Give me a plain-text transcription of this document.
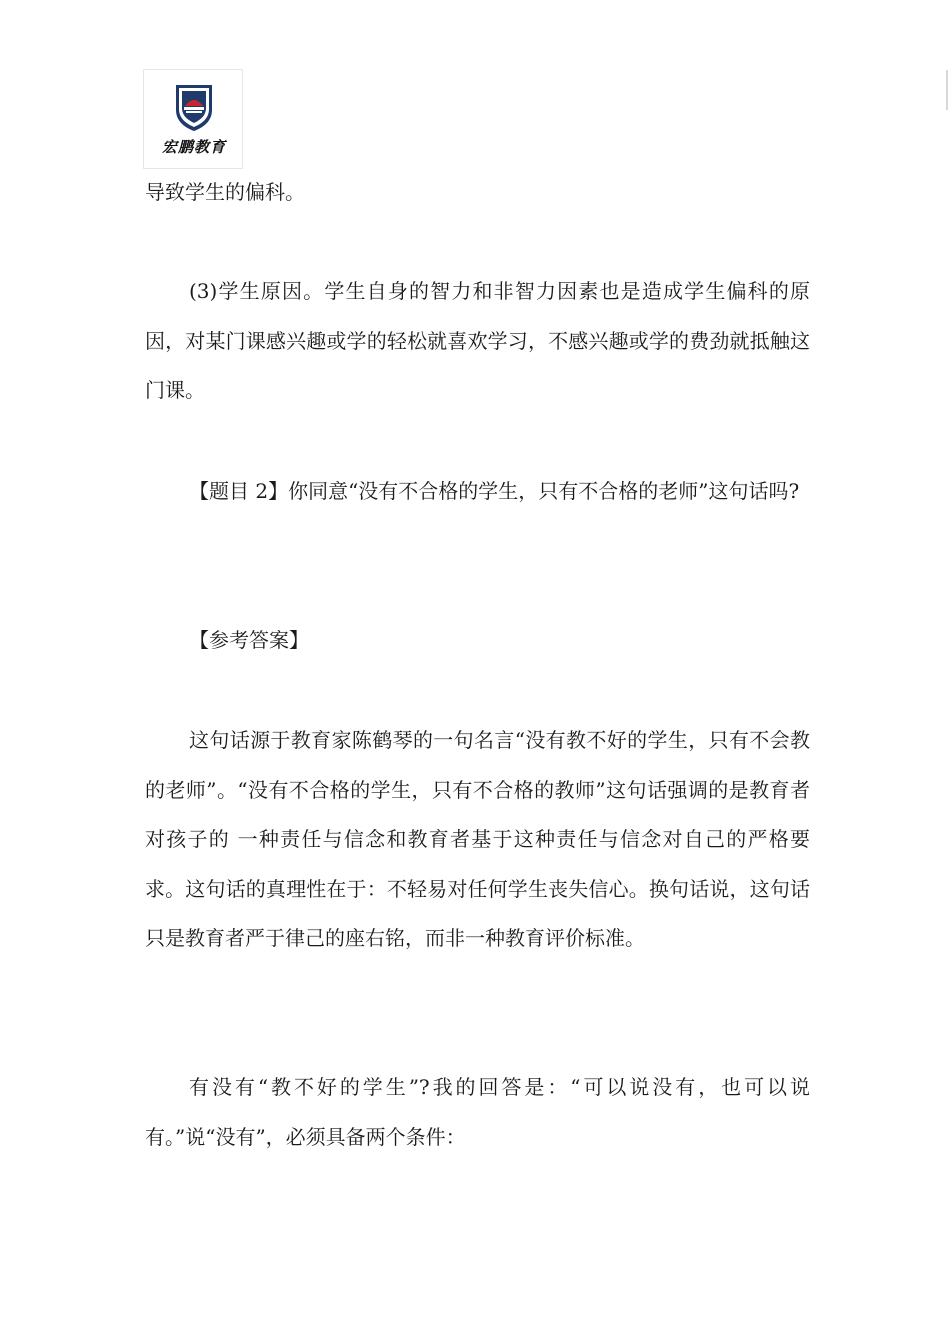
宏鹏教育

导致学生的偏科。

(3)学生原因。学生自身的智力和非智力因素也是造成学生偏科的原因，对某门课感兴趣或学的轻松就喜欢学习，不感兴趣或学的费劲就抵触这门课。

【题目 2】你同意“没有不合格的学生，只有不合格的老师”这句话吗?

【参考答案】

这句话源于教育家陈鹤琴的一句名言“没有教不好的学生，只有不会教的老师”。“没有不合格的学生，只有不合格的教师”这句话强调的是教育者对孩子的 一种责任与信念和教育者基于这种责任与信念对自己的严格要求。这句话的真理性在于：不轻易对任何学生丧失信心。换句话说，这句话只是教育者严于律己的座右铭，而非一种教育评价标准。

有没有“教不好的学生”?我的回答是：“可以说没有，也可以说有。”说“没有”，必须具备两个条件：
